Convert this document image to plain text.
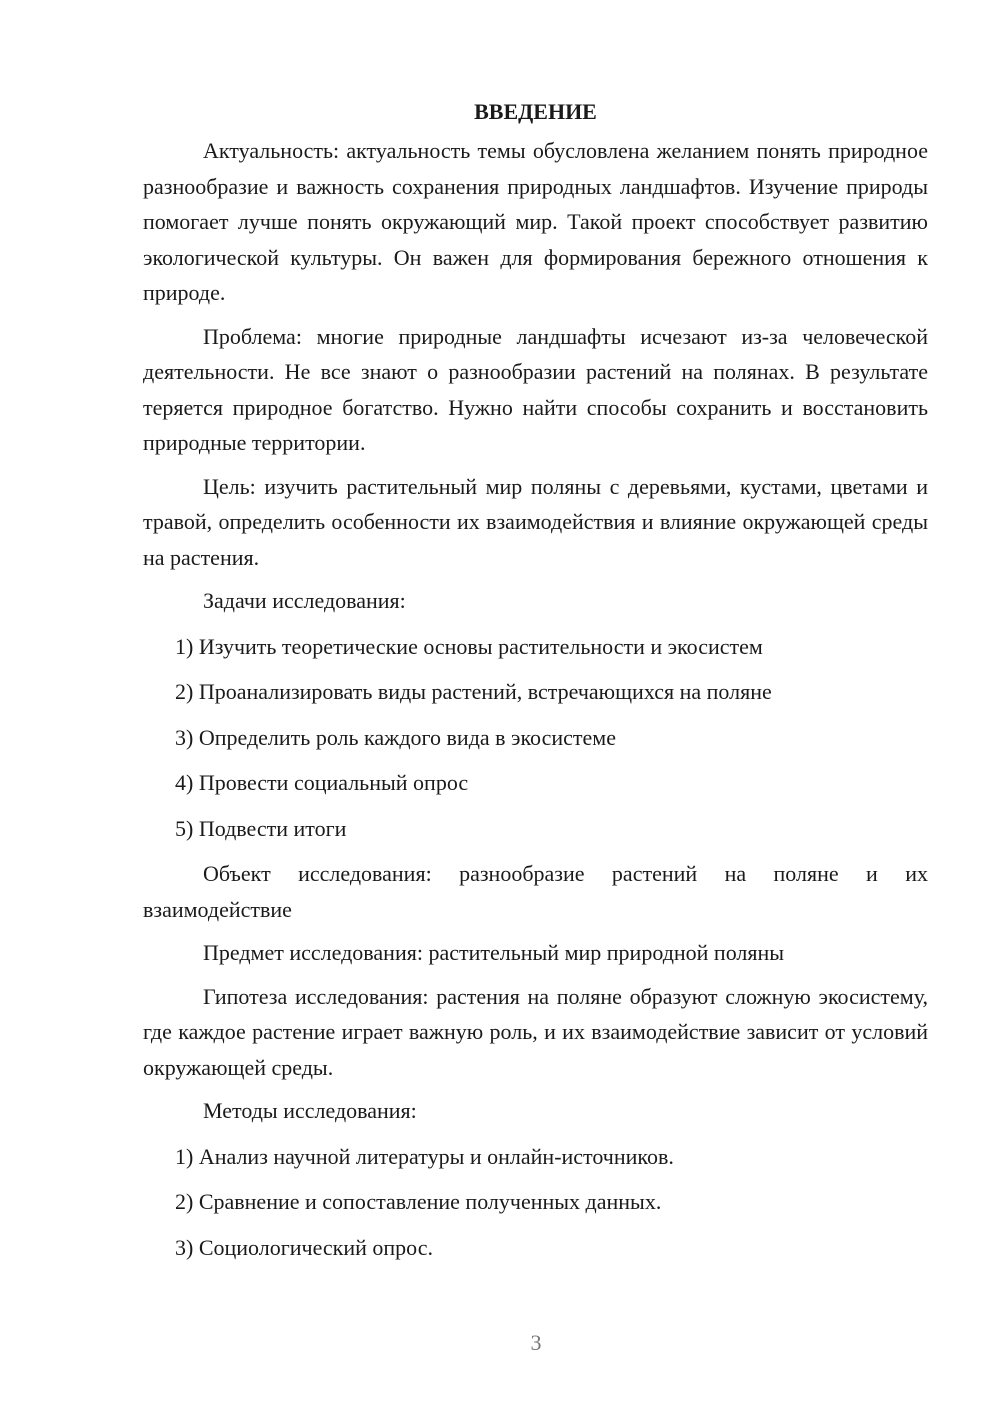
ВВЕДЕНИЕ

Актуальность: актуальность темы обусловлена желанием понять природное разнообразие и важность сохранения природных ландшафтов. Изучение природы помогает лучше понять окружающий мир. Такой проект способствует развитию экологической культуры. Он важен для формирования бережного отношения к природе.

Проблема: многие природные ландшафты исчезают из-за человеческой деятельности. Не все знают о разнообразии растений на полянах. В результате теряется природное богатство. Нужно найти способы сохранить и восстановить природные территории.

Цель: изучить растительный мир поляны с деревьями, кустами, цветами и травой, определить особенности их взаимодействия и влияние окружающей среды на растения.

Задачи исследования:
1) Изучить теоретические основы растительности и экосистем
2) Проанализировать виды растений, встречающихся на поляне
3) Определить роль каждого вида в экосистеме
4) Провести социальный опрос
5) Подвести итоги

Объект исследования: разнообразие растений на поляне и их взаимодействие

Предмет исследования: растительный мир природной поляны

Гипотеза исследования: растения на поляне образуют сложную экосистему, где каждое растение играет важную роль, и их взаимодействие зависит от условий окружающей среды.

Методы исследования:
1) Анализ научной литературы и онлайн-источников.
2) Сравнение и сопоставление полученных данных.
3) Социологический опрос.
3
